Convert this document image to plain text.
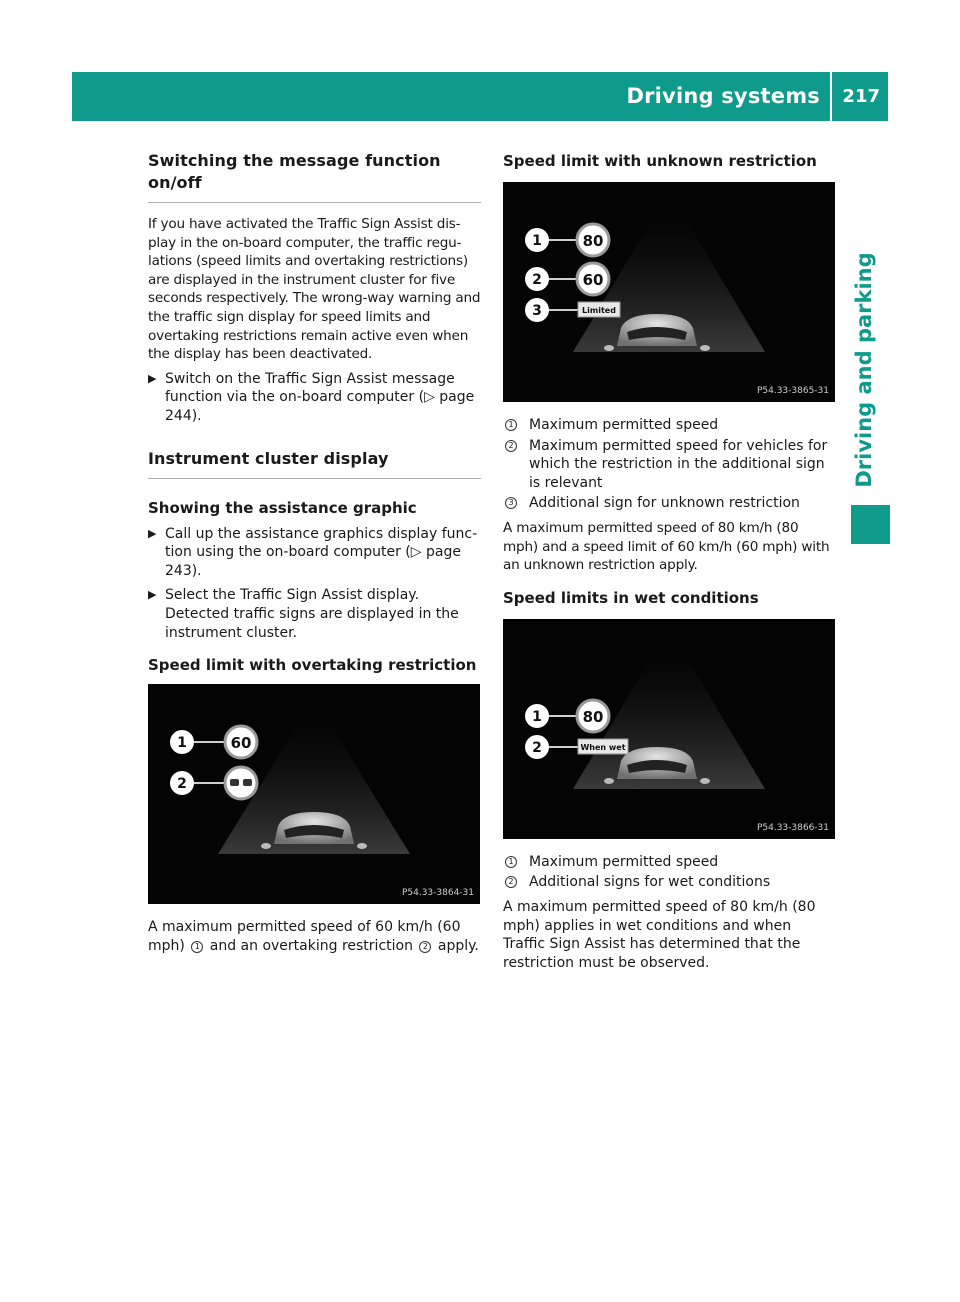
Driving systems 217
Driving and parking
Switching the message function on/off

If you have activated the Traffic Sign Assist dis-play in the on-board computer, the traffic regu-lations (speed limits and overtaking restrictions) are displayed in the instrument cluster for five seconds respectively. The wrong-way warning and the traffic sign display for speed limits and overtaking restrictions remain active even when the display has been deactivated.

▶ Switch on the Traffic Sign Assist message function via the on-board computer (▷ page 244).
Instrument cluster display
Showing the assistance graphic
▶ Call up the assistance graphics display func-tion using the on-board computer (▷ page 243).
▶ Select the Traffic Sign Assist display. Detected traffic signs are displayed in the instrument cluster.
Speed limit with overtaking restriction
1
2
60
P54.33-3864-31

A maximum permitted speed of 60 km/h (60 mph) 1 and an overtaking restriction 2 apply.

Speed limit with unknown restriction
1
2
3
80
60
Limited
P54.33-3865-31
1 Maximum permitted speed
2 Maximum permitted speed for vehicles for which the restriction in the additional sign is relevant
3 Additional sign for unknown restriction

A maximum permitted speed of 80 km/h (80 mph) and a speed limit of 60 km/h (60 mph) with an unknown restriction apply.

Speed limits in wet conditions
1
2
80
When wet
P54.33-3866-31
1 Maximum permitted speed
2 Additional signs for wet conditions

A maximum permitted speed of 80 km/h (80 mph) applies in wet conditions and when Traffic Sign Assist has determined that the restriction must be observed.
